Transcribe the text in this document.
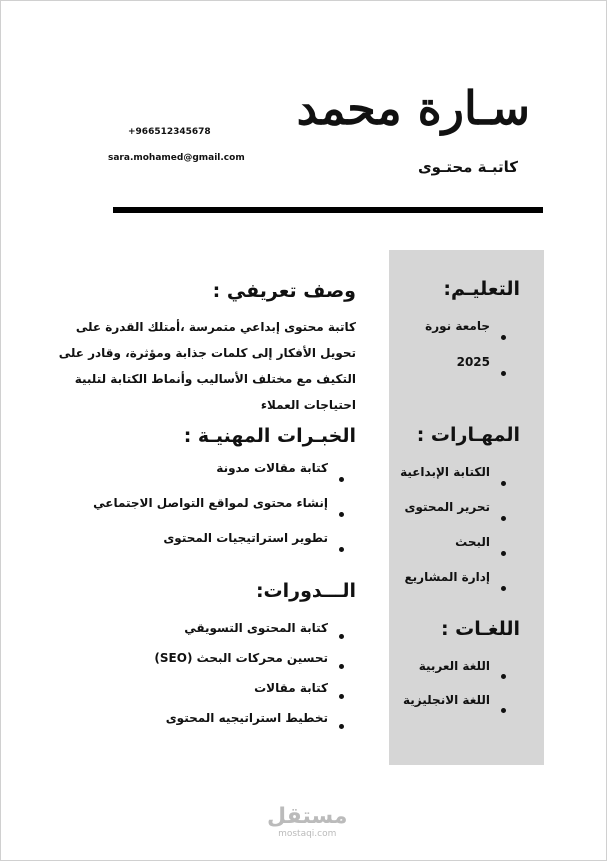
سـارة محمد
كاتبـة محتـوى
+966512345678
sara.mohamed@gmail.com
التعليـم:
جامعة نورة
2025
المهـارات :
الكتابة الإبداعية
تحرير المحتوى
البحث
إدارة المشاريع
اللغـات :
اللغة العربية
اللغة الانجليزية
وصف تعريفي :
كاتبة محتوى إبداعي متمرسة ،أمتلك القدرة على
تحويل الأفكار إلى كلمات جذابة ومؤثرة، وقادر على
التكيف مع مختلف الأساليب وأنماط الكتابة لتلبية
احتياجات العملاء
الخبـرات المهنيـة :
كتابة مقالات مدونة
إنشاء محتوى لمواقع التواصل الاجتماعي
تطوير استراتيجيات المحتوى
الـــدورات:
كتابة المحتوى التسويقي
تحسين محركات البحث (SEO)
كتابة مقالات
تخطيط استراتيجيه المحتوى
مستقل
mostaqi.com
